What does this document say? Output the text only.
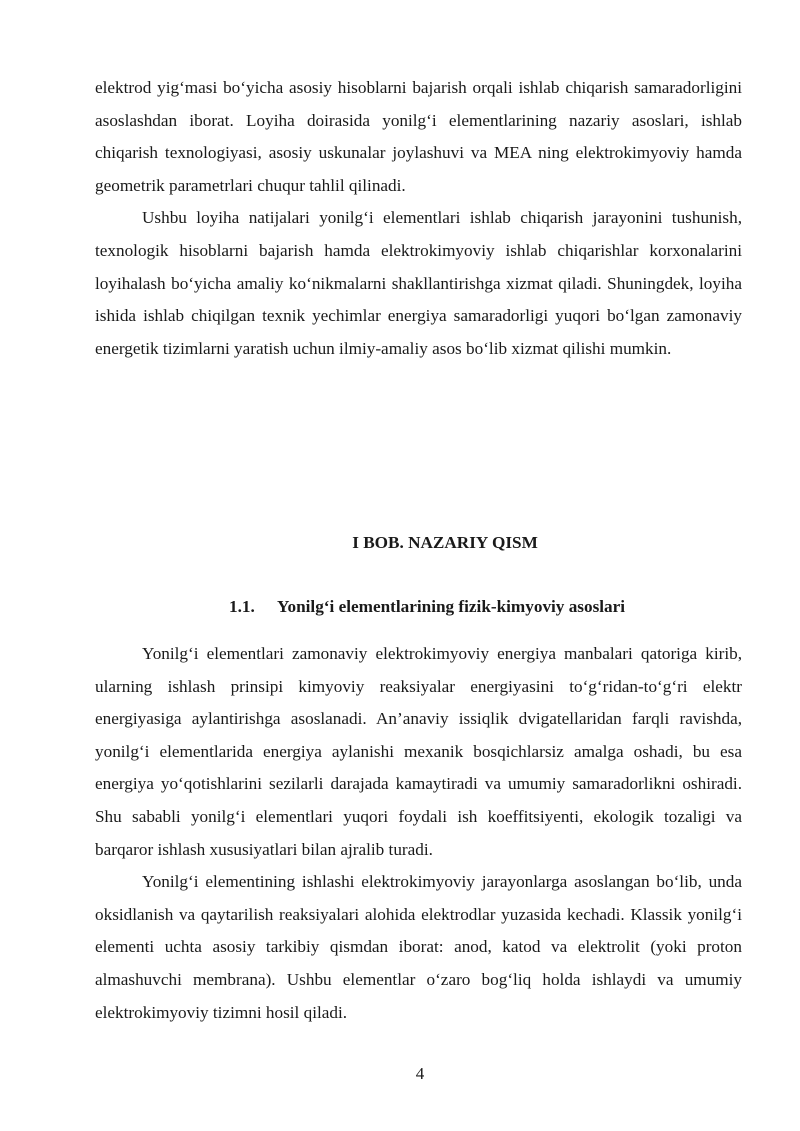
elektrod yig‘masi bo‘yicha asosiy hisoblarni bajarish orqali ishlab chiqarish samaradorligini asoslashdan iborat. Loyiha doirasida yonilg‘i elementlarining nazariy asoslari, ishlab chiqarish texnologiyasi, asosiy uskunalar joylashuvi va MEA ning elektrokimyoviy hamda geometrik parametrlari chuqur tahlil qilinadi.

Ushbu loyiha natijalari yonilg‘i elementlari ishlab chiqarish jarayonini tushunish, texnologik hisoblarni bajarish hamda elektrokimyoviy ishlab chiqarishlar korxonalarini loyihalash bo‘yicha amaliy ko‘nikmalarni shakllantirishga xizmat qiladi. Shuningdek, loyiha ishida ishlab chiqilgan texnik yechimlar energiya samaradorligi yuqori bo‘lgan zamonaviy energetik tizimlarni yaratish uchun ilmiy-amaliy asos bo‘lib xizmat qilishi mumkin.

I BOB. NAZARIY QISM
1.1. Yonilg‘i elementlarining fizik-kimyoviy asoslari

Yonilg‘i elementlari zamonaviy elektrokimyoviy energiya manbalari qatoriga kirib, ularning ishlash prinsipi kimyoviy reaksiyalar energiyasini to‘g‘ridan-to‘g‘ri elektr energiyasiga aylantirishga asoslanadi. An’anaviy issiqlik dvigatellaridan farqli ravishda, yonilg‘i elementlarida energiya aylanishi mexanik bosqichlarsiz amalga oshadi, bu esa energiya yo‘qotishlarini sezilarli darajada kamaytiradi va umumiy samaradorlikni oshiradi. Shu sababli yonilg‘i elementlari yuqori foydali ish koeffitsiyenti, ekologik tozaligi va barqaror ishlash xususiyatlari bilan ajralib turadi.

Yonilg‘i elementining ishlashi elektrokimyoviy jarayonlarga asoslangan bo‘lib, unda oksidlanish va qaytarilish reaksiyalari alohida elektrodlar yuzasida kechadi. Klassik yonilg‘i elementi uchta asosiy tarkibiy qismdan iborat: anod, katod va elektrolit (yoki proton almashuvchi membrana). Ushbu elementlar o‘zaro bog‘liq holda ishlaydi va umumiy elektrokimyoviy tizimni hosil qiladi.

4
